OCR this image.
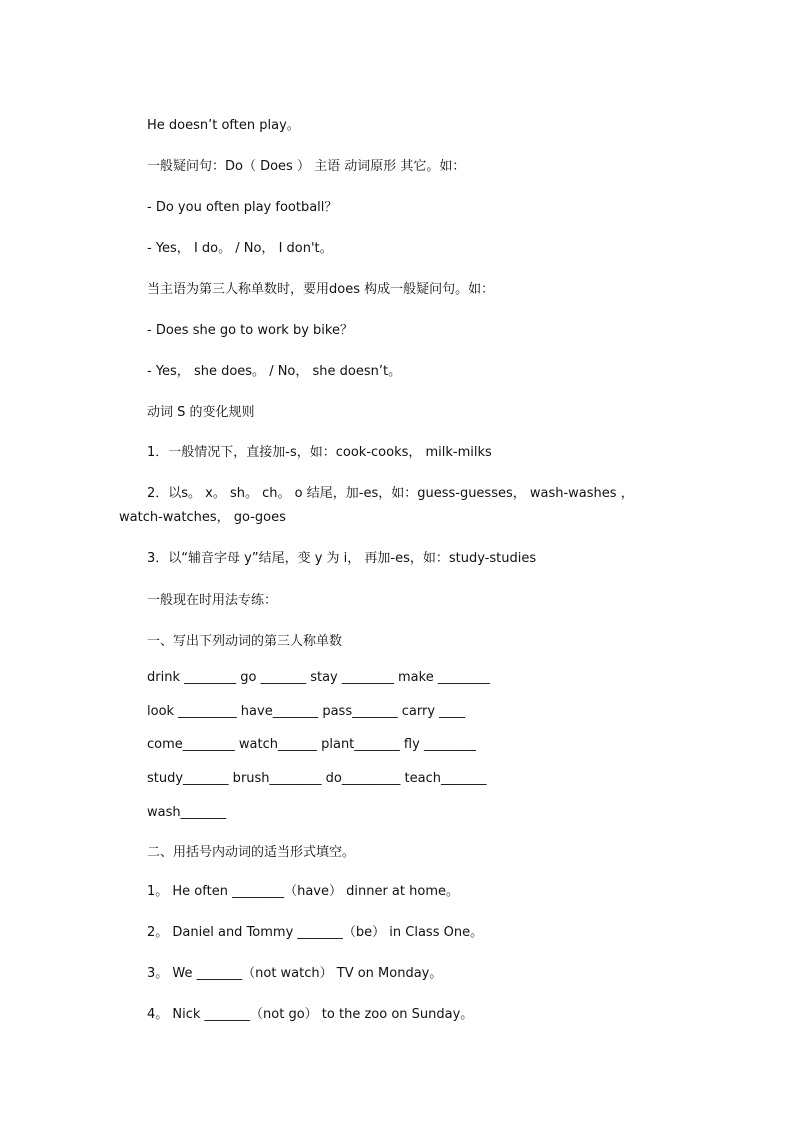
He doesn’t often play。
一般疑问句：Do（ Does ） 主语 动词原形 其它。如：
- Do you often play football？
- Yes， I do。 / No， I don't。
当主语为第三人称单数时，要用does 构成一般疑问句。如：
- Does she go to work by bike？
- Yes， she does。 / No， she doesn’t。
动词 S 的变化规则
1．一般情况下，直接加-s，如：cook-cooks， milk-milks
2．以s。 x。 sh。 ch。 o 结尾，加-es，如：guess-guesses， wash-washes ，
watch-watches， go-goes
3．以“辅音字母 y”结尾，变 y 为 i， 再加-es，如：study-studies
一般现在时用法专练：
一、写出下列动词的第三人称单数
drink ________ go _______ stay ________ make ________
look _________ have_______ pass_______ carry ____
come________ watch______ plant_______ fly ________
study_______ brush________ do_________ teach_______
wash_______
二、用括号内动词的适当形式填空。
1。 He often ________（have） dinner at home。
2。 Daniel and Tommy _______（be） in Class One。
3。 We _______（not watch） TV on Monday。
4。 Nick _______（not go） to the zoo on Sunday。
